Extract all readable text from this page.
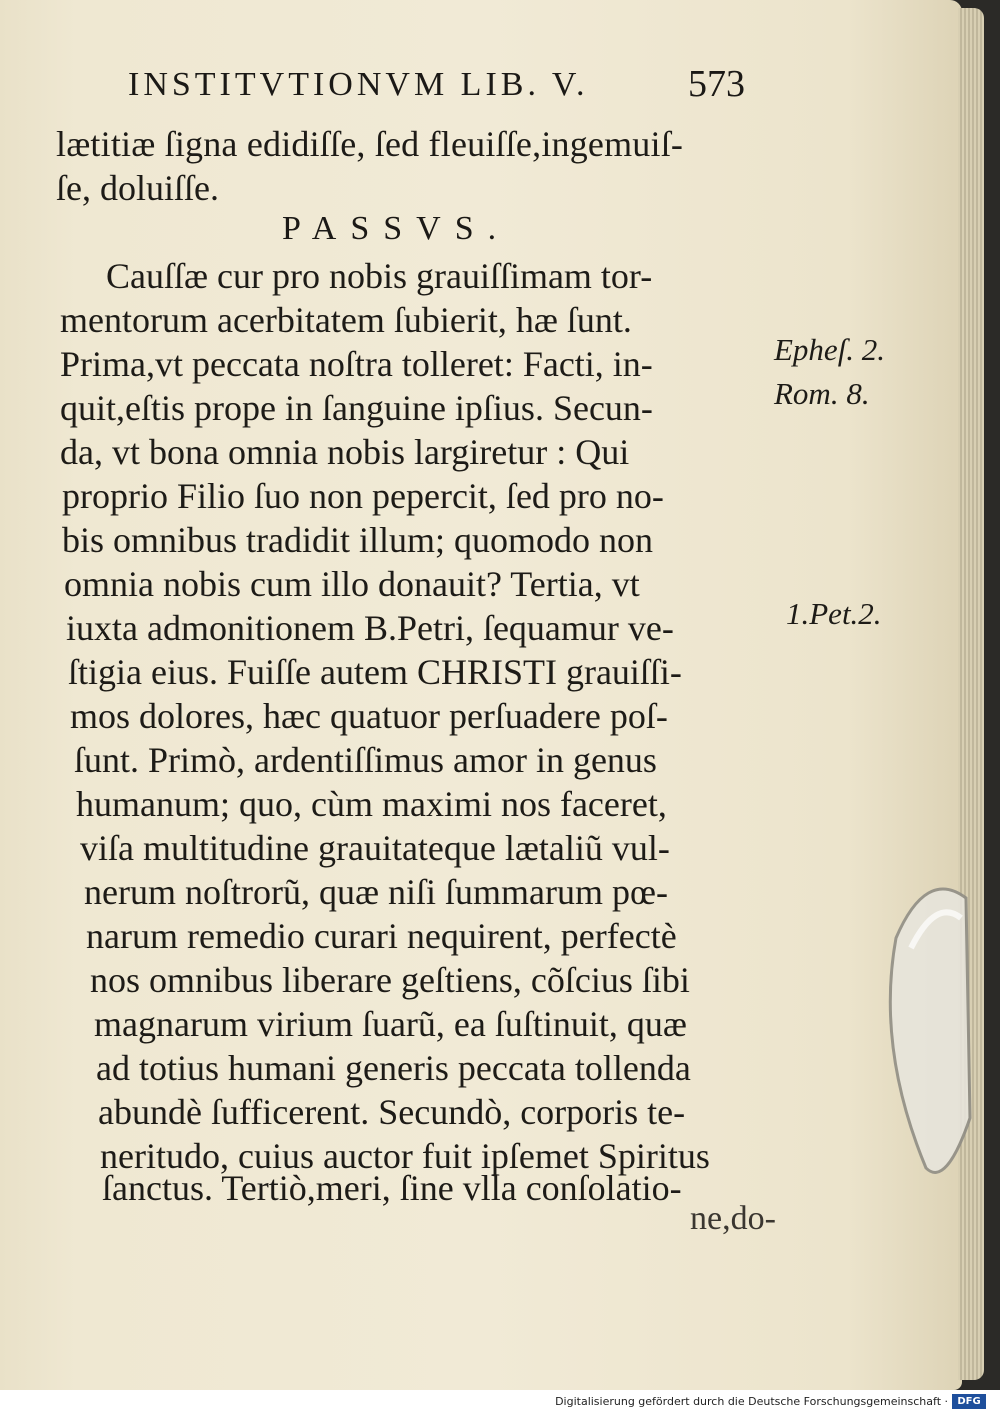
INSTITVTIONVM LIB. V.	573
lætitiæ ſigna edidiſſe, ſed fleuiſſe,ingemuiſ-
ſe, doluiſſe.
PASSVS.
Cauſſæ cur pro nobis grauiſſimam tor-
mentorum acerbitatem ſubierit, hæ ſunt.
Prima,vt peccata noſtra tolleret: Facti, in-
quit,eſtis prope in ſanguine ipſius. Secun-
da, vt bona omnia nobis largiretur : Qui
proprio Filio ſuo non pepercit, ſed pro no-
bis omnibus tradidit illum; quomodo non
omnia nobis cum illo donauit? Tertia, vt
iuxta admonitionem B.Petri, ſequamur ve-
ſtigia eius. Fuiſſe autem CHRISTI grauiſſi-
mos dolores, hæc quatuor perſuadere poſ-
ſunt. Primò, ardentiſſimus amor in genus
humanum; quo, cùm maximi nos faceret,
viſa multitudine grauitateque lætaliũ vul-
nerum noſtrorũ, quæ niſi ſummarum pœ-
narum remedio curari nequirent, perfectè
nos omnibus liberare geſtiens, cõſcius ſibi
magnarum virium ſuarũ, ea ſuſtinuit, quæ
ad totius humani generis peccata tollenda
abundè ſufficerent. Secundò, corporis te-
neritudo, cuius auctor fuit ipſemet Spiritus
ſanctus. Tertiò,meri, ſine vlla conſolatio-
ne,do-
Epheſ. 2.
Rom. 8.
1.Pet.2.
Digitalisierung gefördert durch die Deutsche Forschungsgemeinschaft · DFG
